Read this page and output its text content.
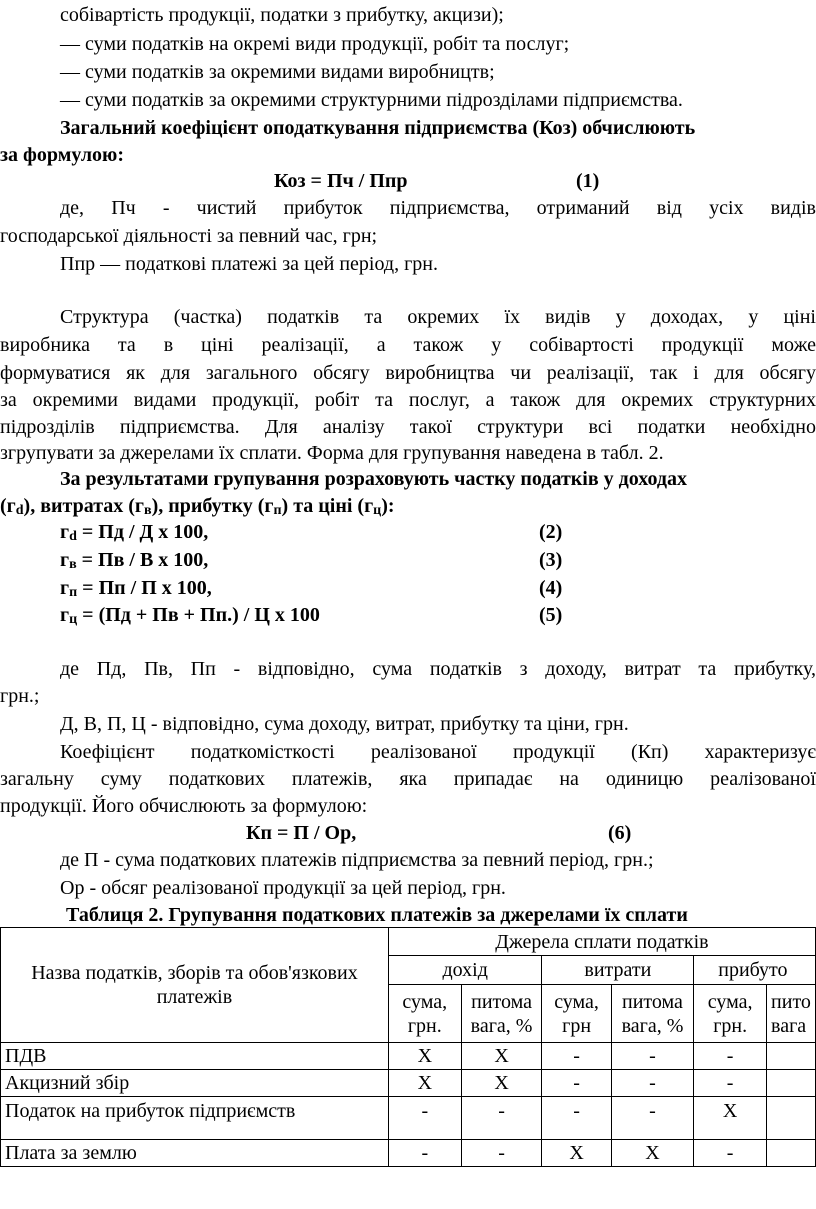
собівартість продукції, податки з прибутку, акцизи);
— суми податків на окремі види продукції, робіт та послуг;
— суми податків за окремими видами виробництв;
— суми податків за окремими структурними підрозділами підприємства.
Загальний коефіцієнт оподаткування підприємства (Коз) обчислюють
за формулою:
Коз = Пч / Ппр	(1)
де, Пч - чистий прибуток підприємства, отриманий від усіх видів
господарської діяльності за певний час, грн;
Ппр — податкові платежі за цей період, грн.
Структура (частка) податків та окремих їх видів у доходах, у ціні
виробника та в ціні реалізації, а також у собівартості продукції може
формуватися як для загального обсягу виробництва чи реалізації, так і для обсягу
за окремими видами продукції, робіт та послуг, а також для окремих структурних
підрозділів підприємства. Для аналізу такої структури всі податки необхідно
згрупувати за джерелами їх сплати. Форма для групування наведена в табл. 2.
За результатами групування розраховують частку податків у доходах
$(г_d)$, витратах $(г_в)$, прибутку $(г_п)$ та ціні $(г_ц)$:
$г_d$ = Пд / Д х 100,	(2)
$г_в$ = Пв / В х 100,	(3)
$г_п$ = Пп / П х 100,	(4)
$г_ц = (Пд$ + Пв + Пп.) / Ц х 100	(5)
де Пд, Пв, Пп - відповідно, сума податків з доходу, витрат та прибутку,
грн.;
Д, В, П, Ц - відповідно, сума доходу, витрат, прибутку та ціни, грн.
Коефіцієнт податкомісткості реалізованої продукції (Кп) характеризує
загальну суму податкових платежів, яка припадає на одиницю реалізованої
продукції. Його обчислюють за формулою:
Кп = П / Ор,	(6)
де П - сума податкових платежів підприємства за певний період, грн.;
Ор - обсяг реалізованої продукції за цей період, грн.
Таблиця 2. Групування податкових платежів за джерелами їх сплати
Назва податків, зборів та обов'язкових платежів	Джерела сплати податків					
	дохід		витрати		прибуто	
	сума, грн.	питома вага, %	сума, грн	питома вага, %	сума, грн.	пито вага
ПДВ	Х	Х	-	-	-	
Акцизний збір	Х	Х	-	-	-	
Податок на прибуток підприємств	-	-	-	-	Х	
Плата за землю	-	-	Х	Х	-	
